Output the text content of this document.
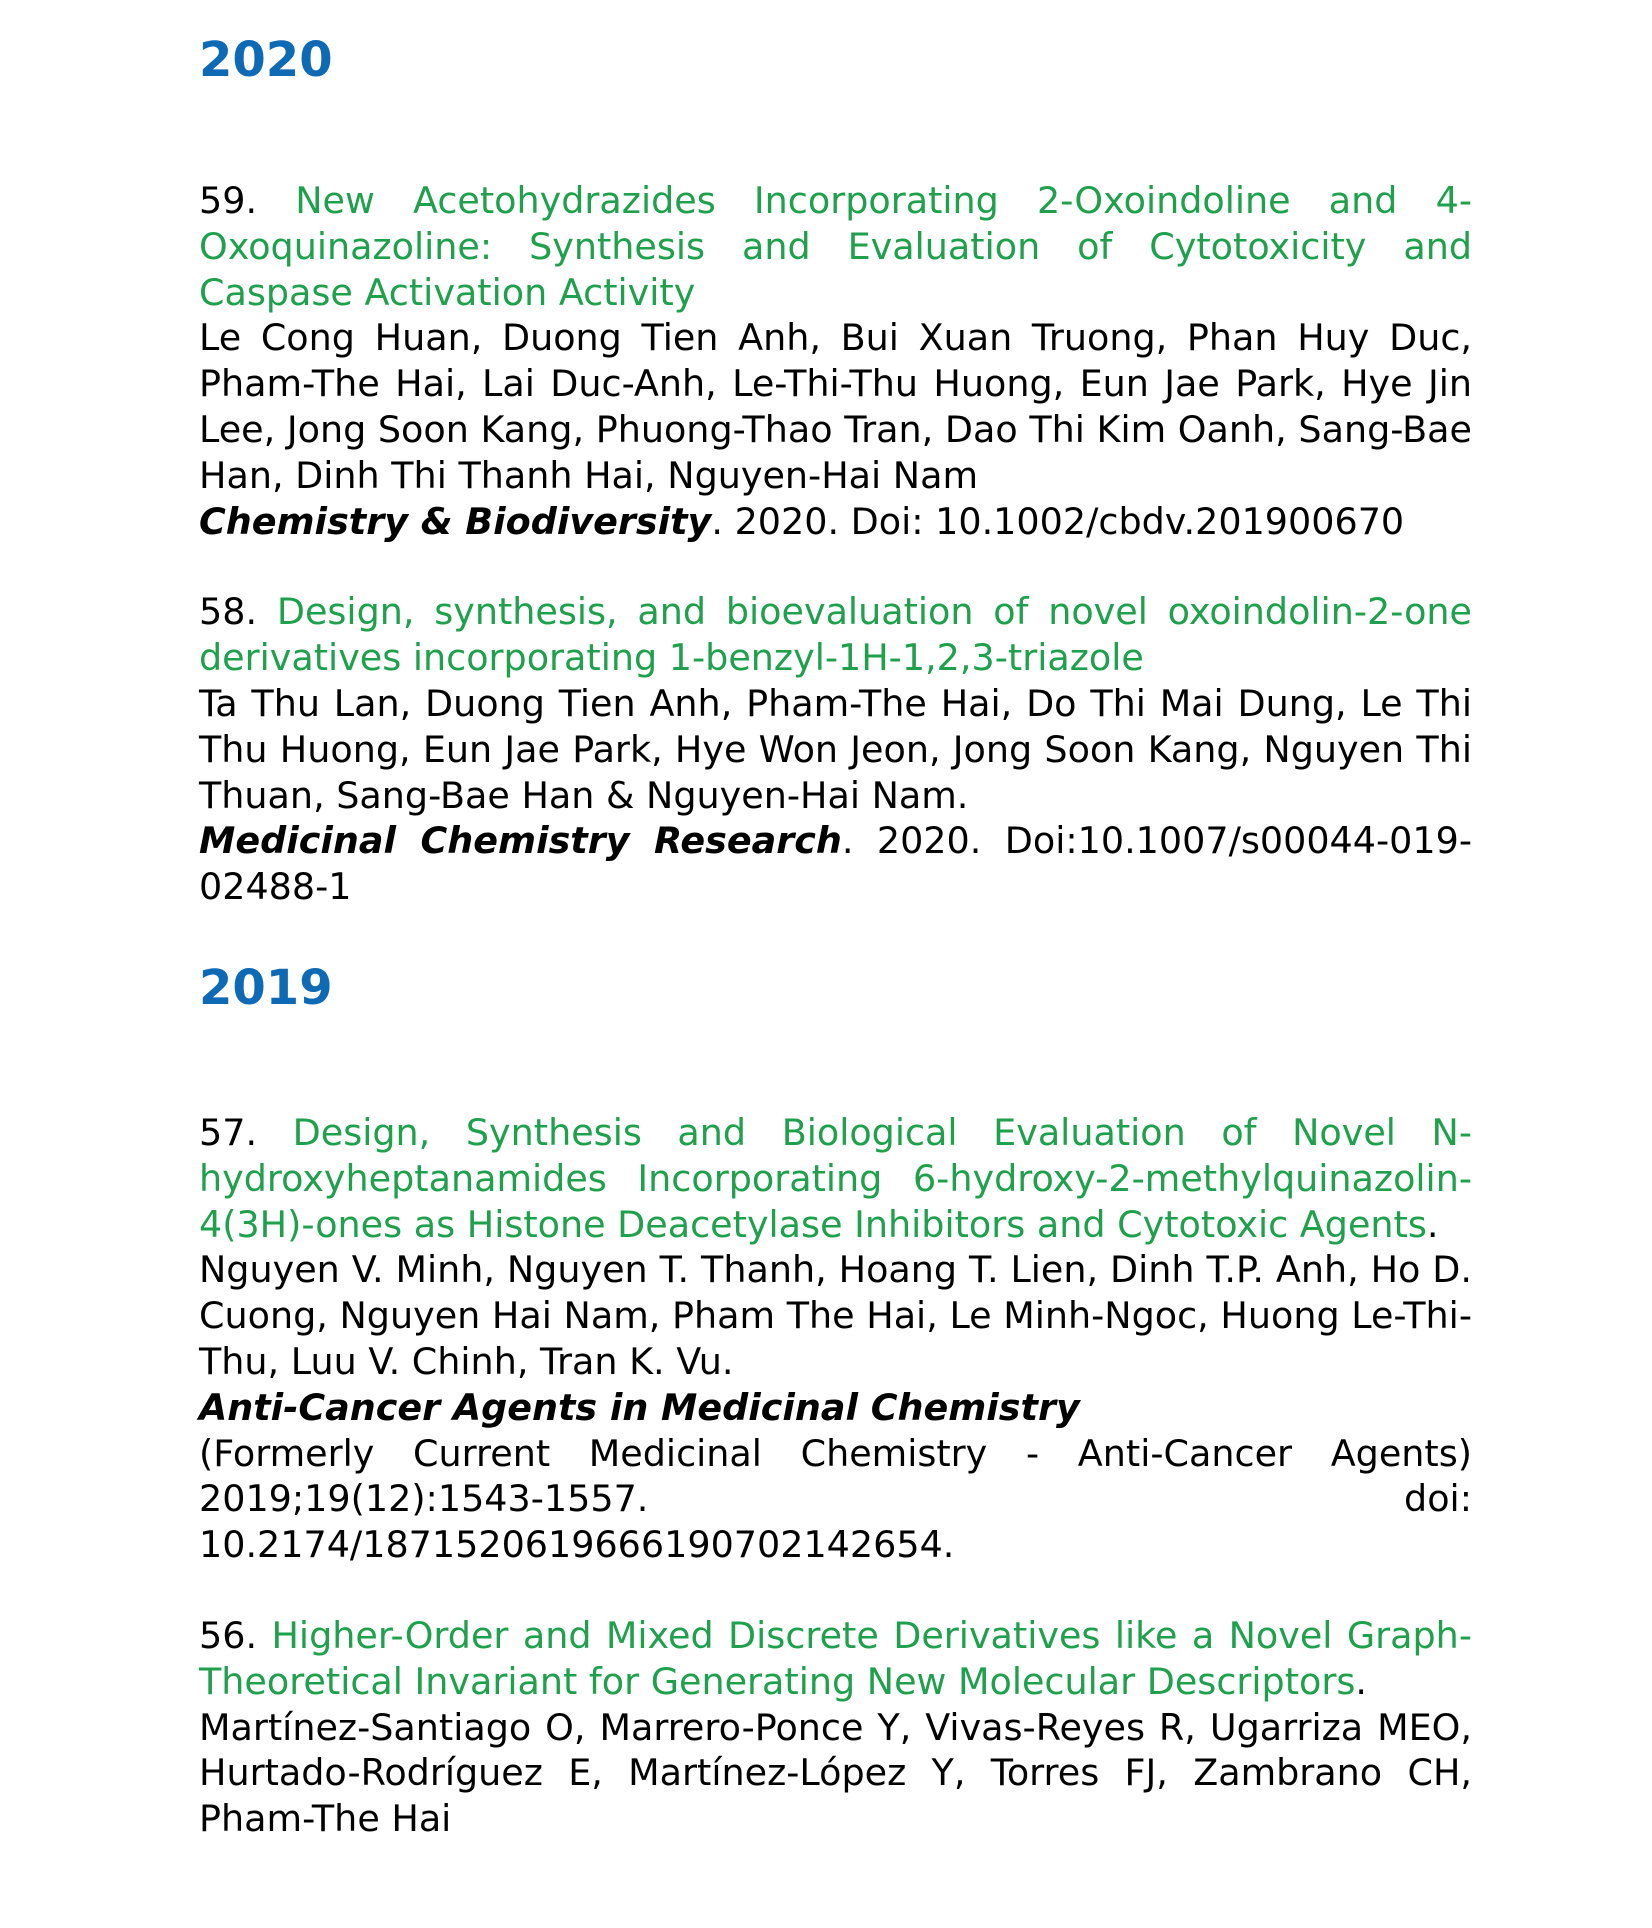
2020

59. New Acetohydrazides Incorporating 2-Oxoindoline and 4-Oxoquinazoline: Synthesis and Evaluation of Cytotoxicity and Caspase Activation Activity
Le Cong Huan, Duong Tien Anh, Bui Xuan Truong, Phan Huy Duc, Pham-The Hai, Lai Duc-Anh, Le-Thi-Thu Huong, Eun Jae Park, Hye Jin Lee, Jong Soon Kang, Phuong-Thao Tran, Dao Thi Kim Oanh, Sang-Bae Han, Dinh Thi Thanh Hai, Nguyen-Hai Nam
Chemistry & Biodiversity. 2020. Doi: 10.1002/cbdv.201900670

58. Design, synthesis, and bioevaluation of novel oxoindolin-2-one derivatives incorporating 1-benzyl-1H-1,2,3-triazole
Ta Thu Lan, Duong Tien Anh, Pham-The Hai, Do Thi Mai Dung, Le Thi Thu Huong, Eun Jae Park, Hye Won Jeon, Jong Soon Kang, Nguyen Thi Thuan, Sang-Bae Han & Nguyen-Hai Nam.
Medicinal Chemistry Research. 2020. Doi:10.1007/s00044-019-02488-1

2019

57. Design, Synthesis and Biological Evaluation of Novel N-hydroxyheptanamides Incorporating 6-hydroxy-2-methylquinazolin-4(3H)-ones as Histone Deacetylase Inhibitors and Cytotoxic Agents.
Nguyen V. Minh, Nguyen T. Thanh, Hoang T. Lien, Dinh T.P. Anh, Ho D. Cuong, Nguyen Hai Nam, Pham The Hai, Le Minh-Ngoc, Huong Le-Thi-Thu, Luu V. Chinh, Tran K. Vu.
Anti-Cancer Agents in Medicinal Chemistry
(Formerly Current Medicinal Chemistry - Anti-Cancer Agents) 2019;19(12):1543-1557. doi: 10.2174/1871520619666190702142654.

56. Higher-Order and Mixed Discrete Derivatives like a Novel Graph-Theoretical Invariant for Generating New Molecular Descriptors.
Martínez-Santiago O, Marrero-Ponce Y, Vivas-Reyes R, Ugarriza MEO, Hurtado-Rodríguez E, Martínez-López Y, Torres FJ, Zambrano CH, Pham-The Hai
